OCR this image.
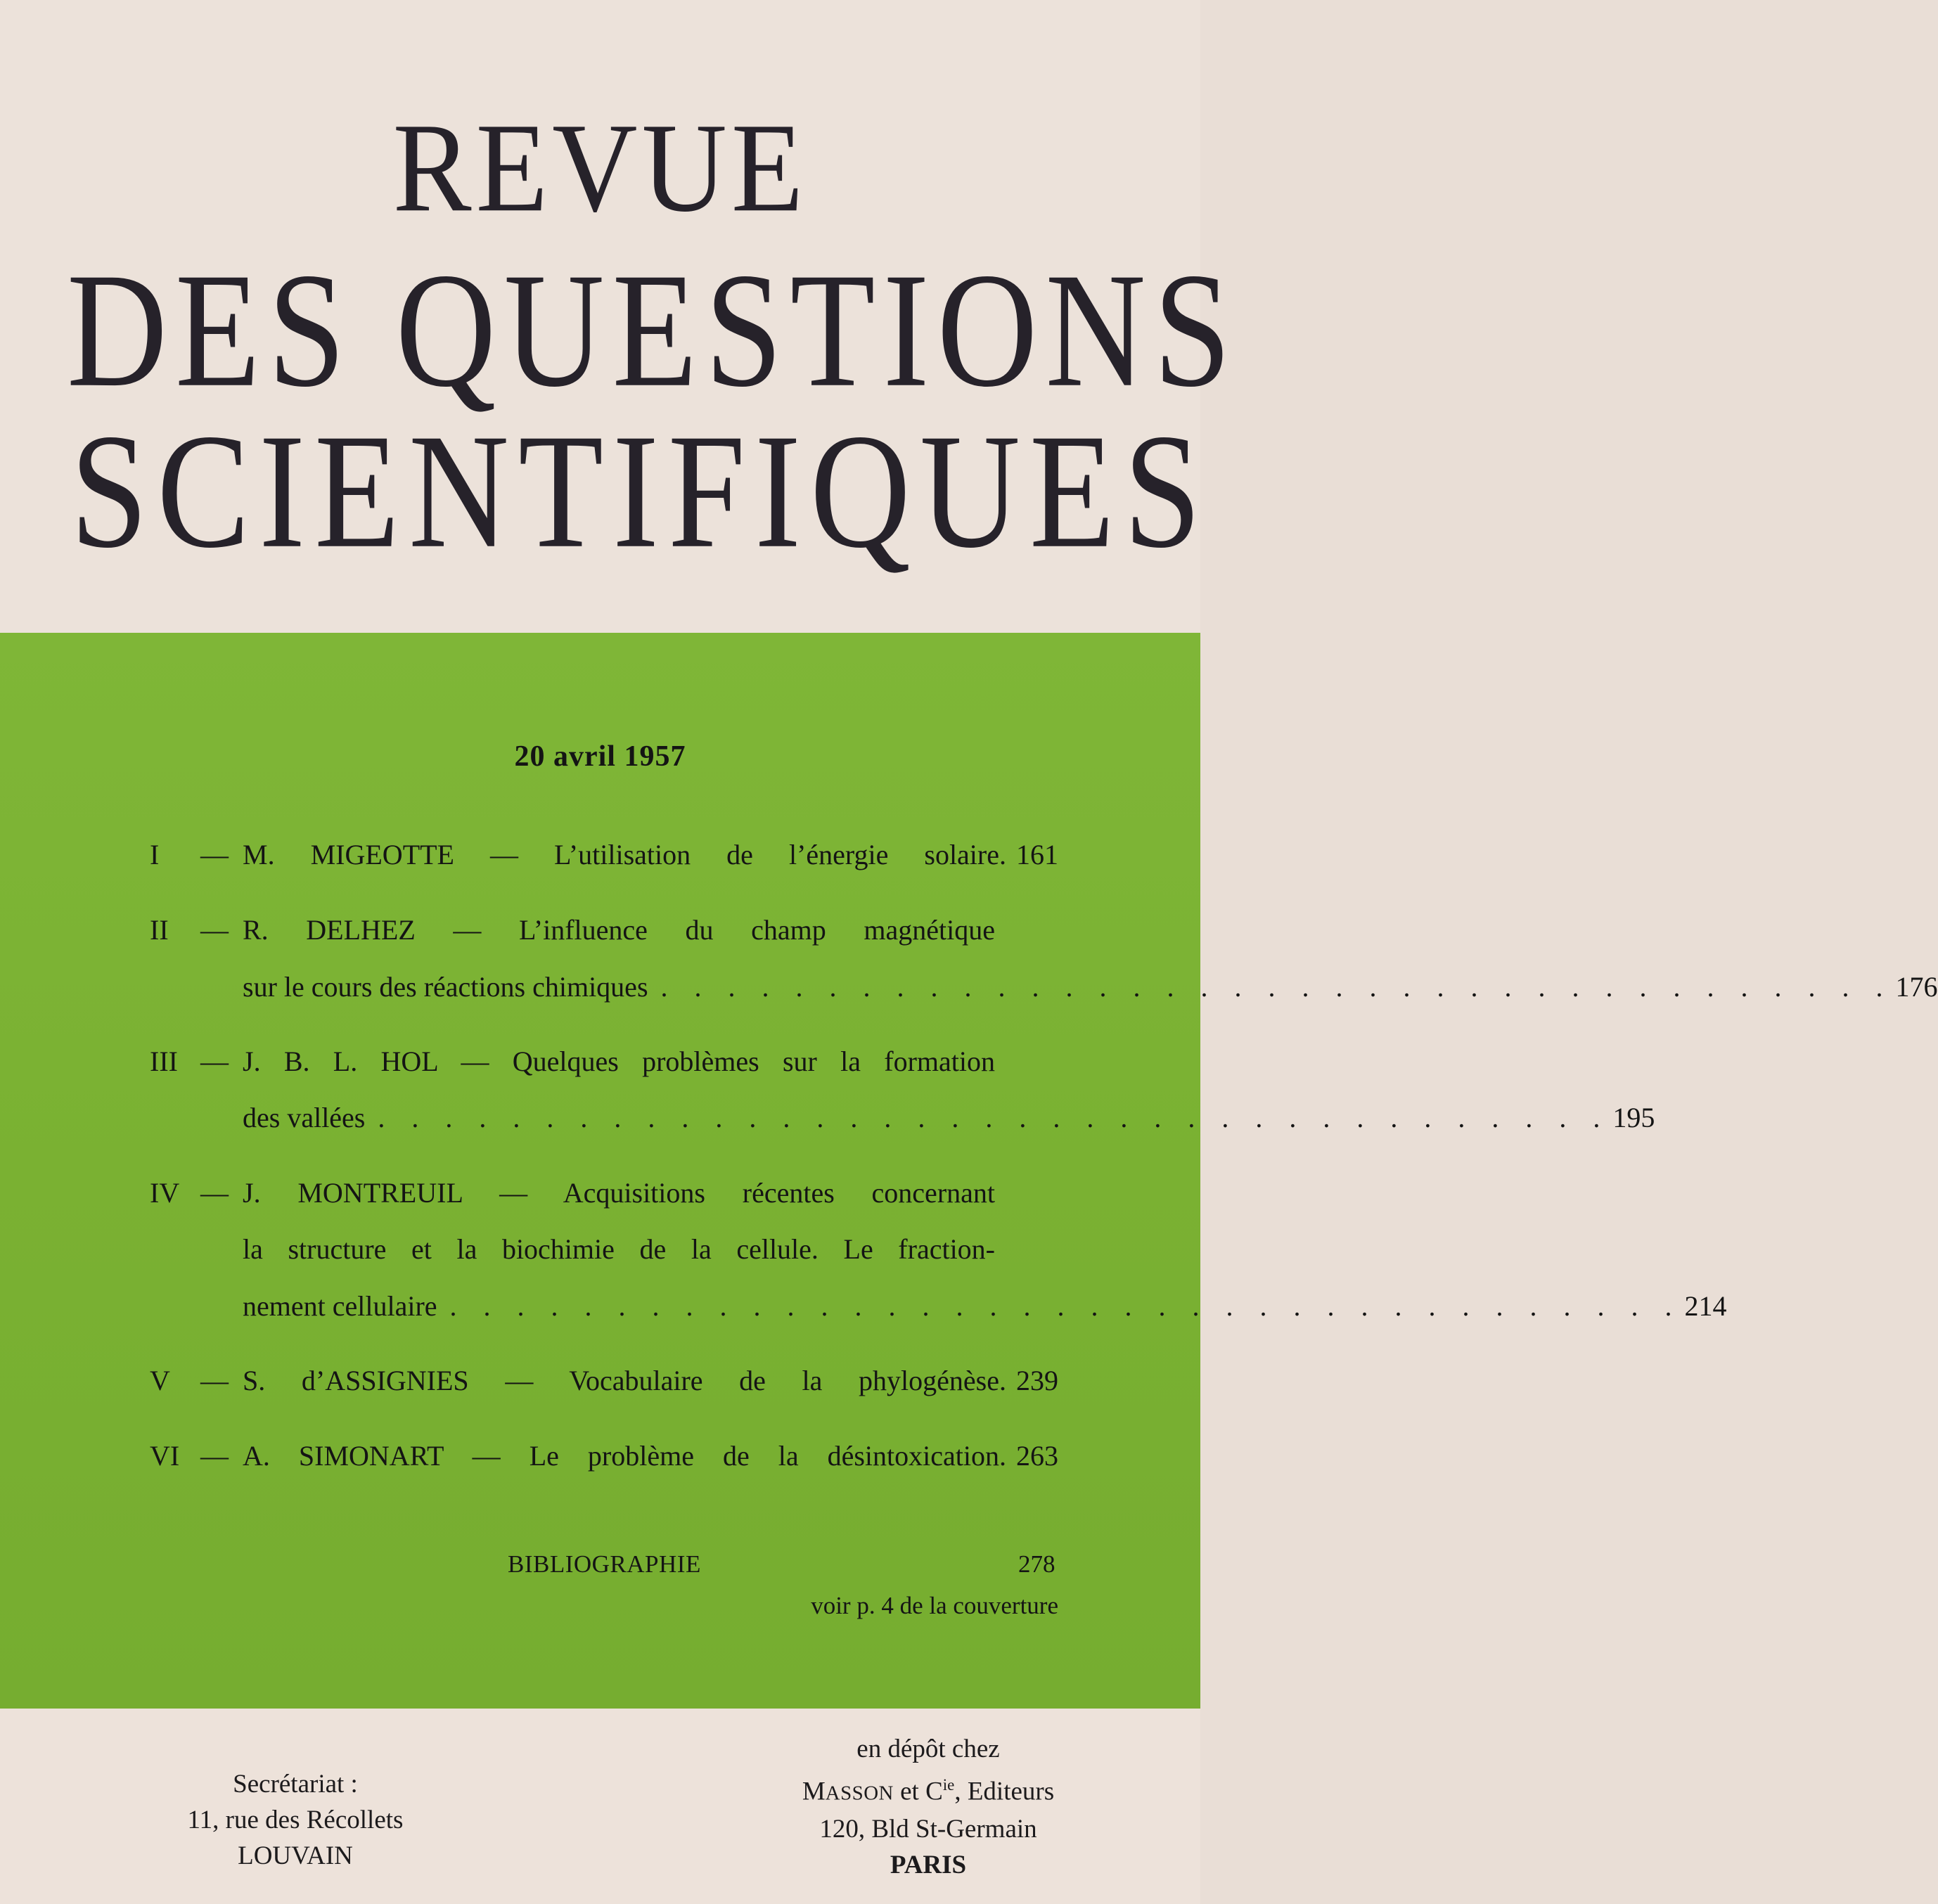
REVUE
DES QUESTIONS
SCIENTIFIQUES
20 avril 1957
I — M. MIGEOTTE — L’utilisation de l’énergie solaire. 161
II — R. DELHEZ — L’influence du champ magnétique
sur le cours des réactions chimiques . . . . . . . . . . . . . . . . . . . . . . . . . . . . . . . . . . . . . 176
III — J. B. L. HOL — Quelques problèmes sur la formation
des vallées . . . . . . . . . . . . . . . . . . . . . . . . . . . . . . . . . . . . . 195
IV — J. MONTREUIL — Acquisitions récentes concernant
la structure et la biochimie de la cellule. Le fraction-
nement cellulaire . . . . . . . . . . . . . . . . . . . . . . . . . . . . . . . . . . . . . 214
V — S. d’ASSIGNIES — Vocabulaire de la phylogénèse. 239
VI — A. SIMONART — Le problème de la désintoxication. 263
BIBLIOGRAPHIE	278
voir p. 4 de la couverture
Secrétariat :
11, rue des Récollets
LOUVAIN
en dépôt chez
MASSON et $C^{ie}$, Editeurs
120, Bld St-Germain
PARIS
